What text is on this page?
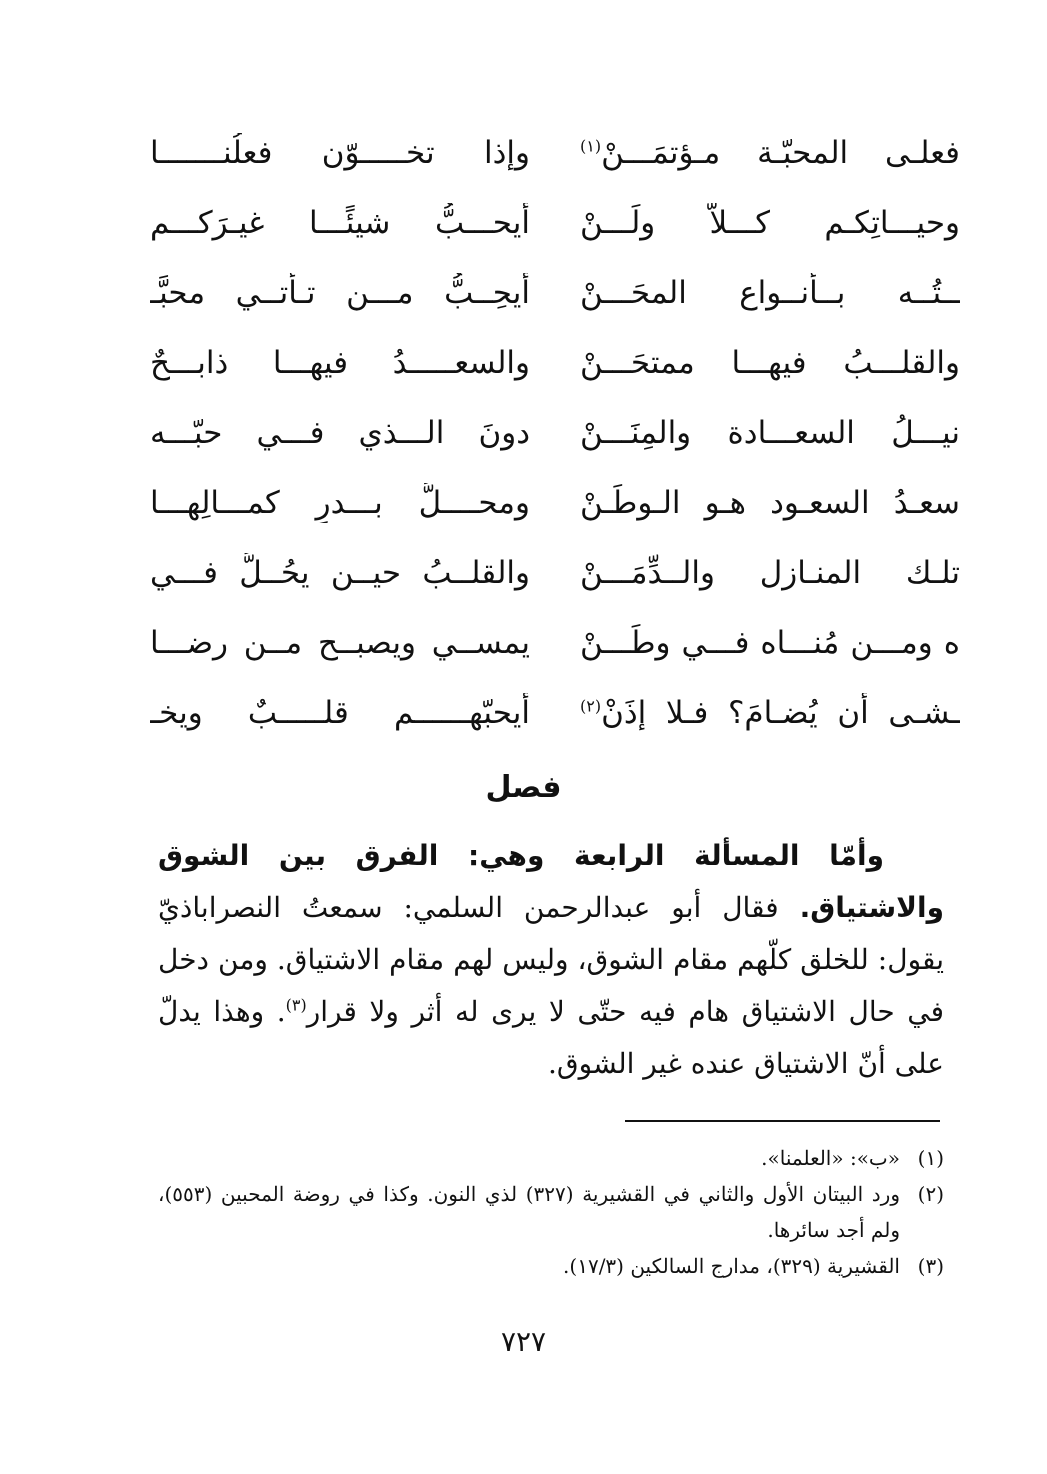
وإذا تخـــــوّن فعلُنـــــــا	فعلـى المحبّـة مـؤتمَـــنْ$^{(١)}$
أيحـــبُّ شيئًـــا غيـرَكـــم وحيـــاتِكـم كـــلاّ ولَـــنْ
أيحِــبُّ مـــن تـأتــي محبَّـ ــتُــه بــأنــواع المحَـــنْ
والسعـــــدُ فيهـــا ذابـــحٌ والقلـــبُ فيهـــا ممتحَـــنْ
دونَ الـــذي فـــي حبّـــه نيـــلُ السعـــادة والمِنَـــنْ
ومحــــلُّ بـــدرِ كمـــالِهـــا سعـدُ السعـود هـو الـوطَـنْ
والقلــبُ حيــن يحُــلُّ فـــي تلـك المنـازل والــدِّمَـــنْ
يمســي ويصبــح مــن رضـــا ه ومـــن مُنـــاه فـــي وطَـــنْ
أيحبّهــــــم قلـــــبٌ ويخـ	ـشـى أن يُضـامَ؟ فـلا إذَنْ$^{(٢)}$
فصل

وأمّا المسألة الرابعة وهي: الفرق بين الشوق والاشتياق. فقال أبو عبدالرحمن السلمي: سمعتُ النصراباذيّ يقول: للخلق كلّهم مقام الشوق، وليس لهم مقام الاشتياق. ومن دخل في حال الاشتياق هام فيه حتّى لا يرى له أثر ولا قرار$^{(٣)}$. وهذا يدلّ على أنّ الاشتياق عنده غير الشوق.

(١)
«ب»: «العلمنا».
(٢)
ورد البيتان الأول والثاني في القشيرية (٣٢٧) لذي النون. وكذا في روضة المحبين (٥٥٣)، ولم أجد سائرها.
(٣)
القشيرية (٣٢٩)، مدارج السالكين (١٧/٣).
٧٢٧
